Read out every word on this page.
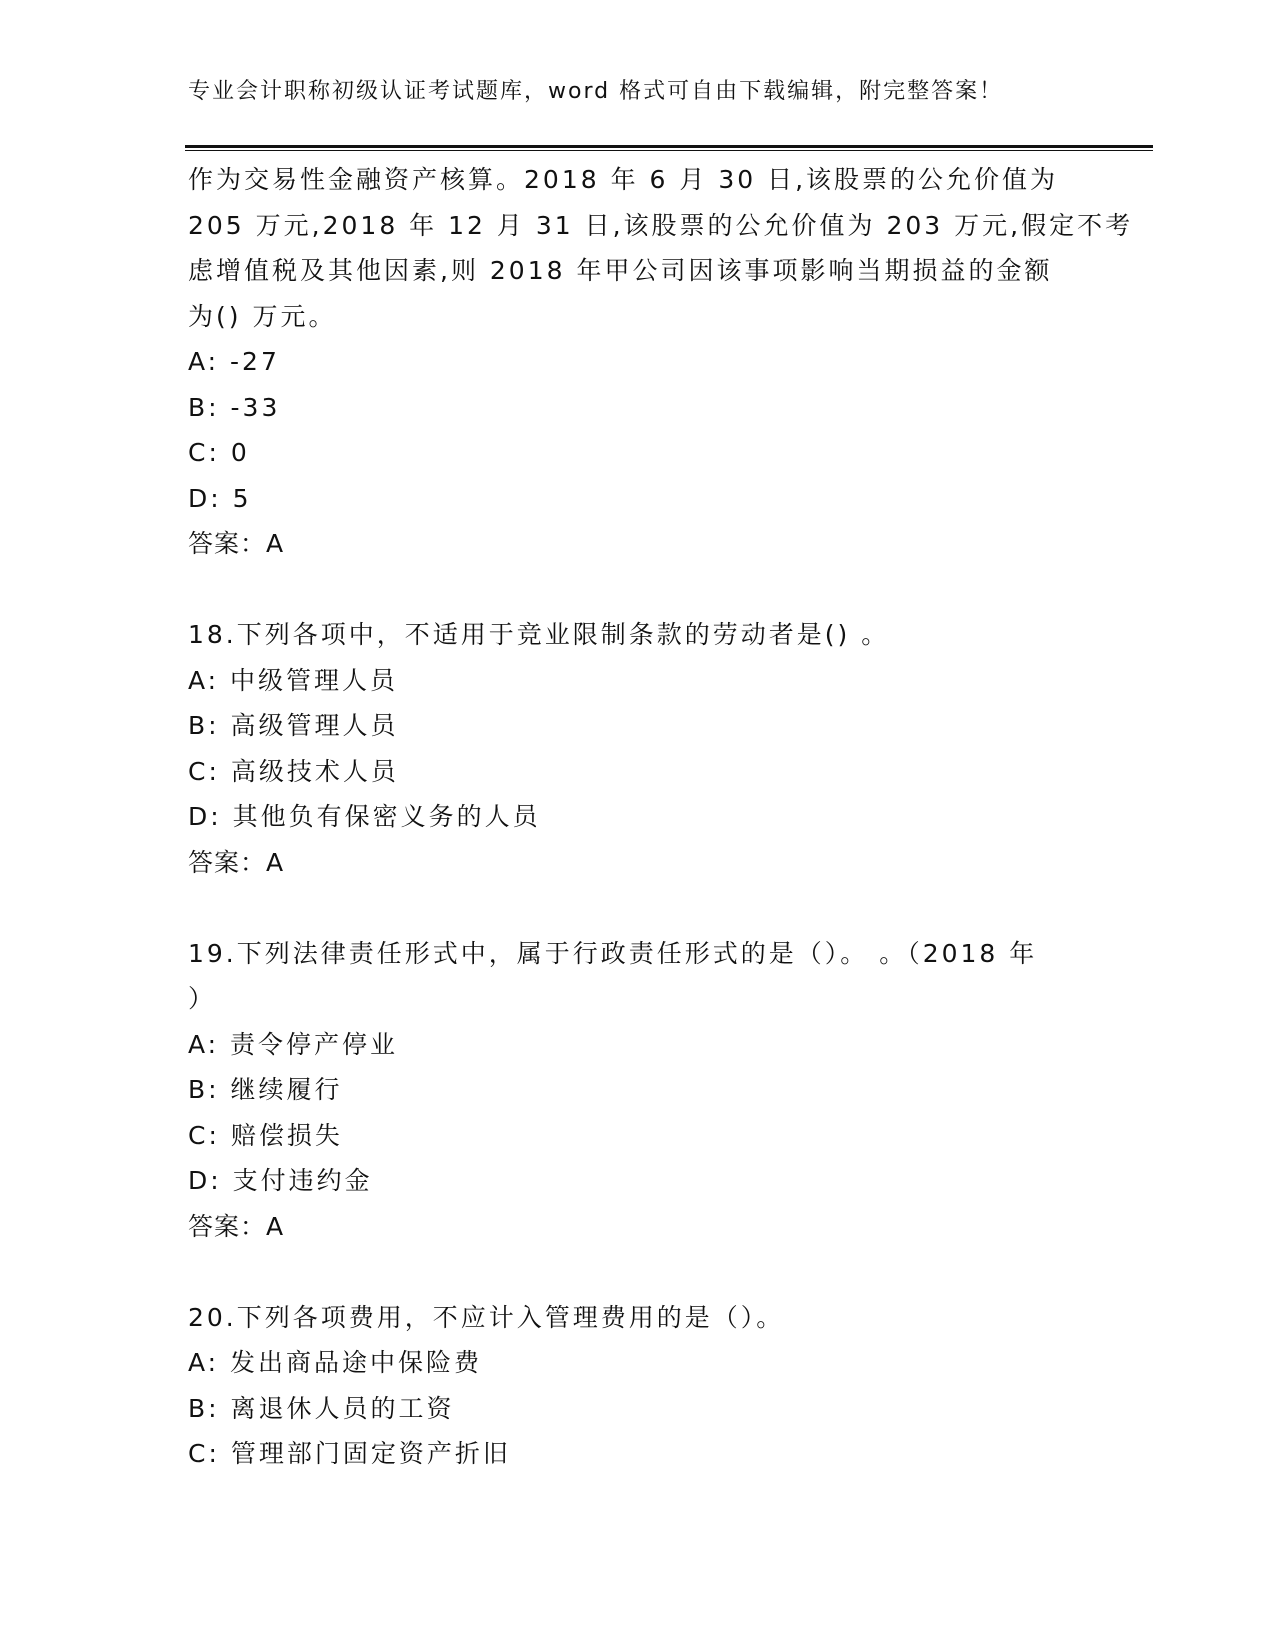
专业会计职称初级认证考试题库，word 格式可自由下载编辑，附完整答案！
作为交易性金融资产核算。2018 年 6 月 30 日,该股票的公允价值为
205 万元,2018 年 12 月 31 日,该股票的公允价值为 203 万元,假定不考
虑增值税及其他因素,则 2018 年甲公司因该事项影响当期损益的金额
为() 万元。
A: -27
B: -33
C: 0
D: 5
答案：A
18.下列各项中，不适用于竞业限制条款的劳动者是() 。
A: 中级管理人员
B: 高级管理人员
C: 高级技术人员
D: 其他负有保密义务的人员
答案：A
19.下列法律责任形式中，属于行政责任形式的是（）。 。（2018 年
）
A: 责令停产停业
B: 继续履行
C: 赔偿损失
D: 支付违约金
答案：A
20.下列各项费用，不应计入管理费用的是（）。
A: 发出商品途中保险费
B: 离退休人员的工资
C: 管理部门固定资产折旧
